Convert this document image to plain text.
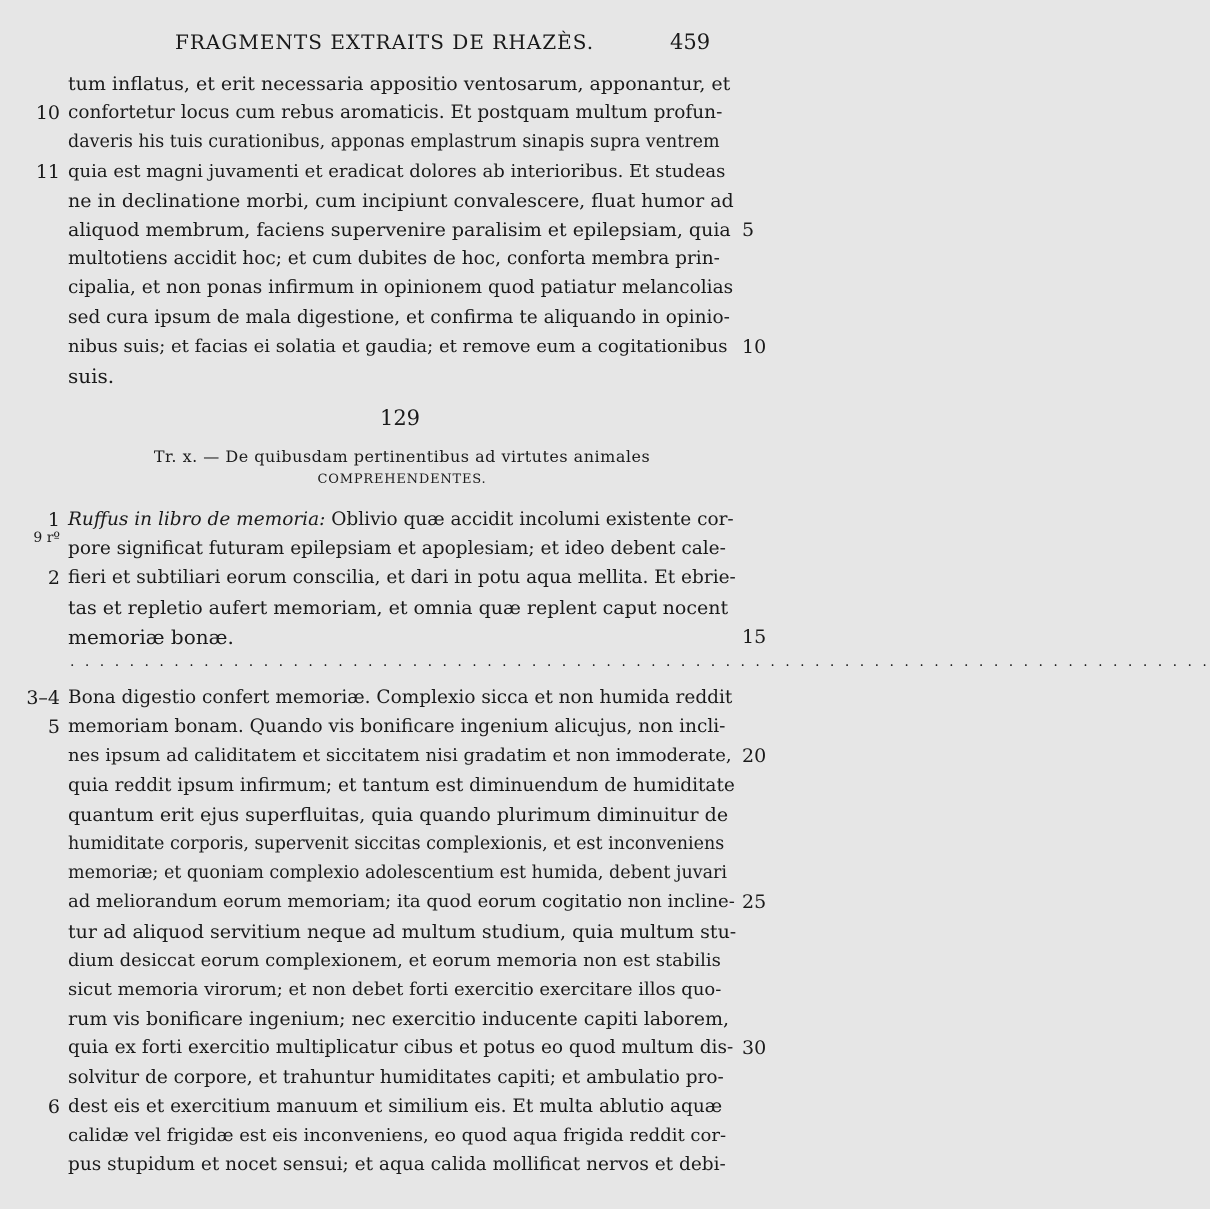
FRAGMENTS EXTRAITS DE RHAZÈS.	459
tum inflatus, et erit necessaria appositio ventosarum, apponantur, et
confortetur locus cum rebus aromaticis. Et postquam multum profun-
10
daveris his tuis curationibus, apponas emplastrum sinapis supra ventrem
quia est magni juvamenti et eradicat dolores ab interioribus. Et studeas
11
ne in declinatione morbi, cum incipiunt convalescere, fluat humor ad
aliquod membrum, faciens supervenire paralisim et epilepsiam, quia 5
multotiens accidit hoc; et cum dubites de hoc, conforta membra prin-
cipalia, et non ponas infirmum in opinionem quod patiatur melancolias
sed cura ipsum de mala digestione, et confirma te aliquando in opinio-
nibus suis; et facias ei solatia et gaudia; et remove eum a cogitationibus 10
suis.
129
Tr. x. — De quibusdam pertinentibus ad virtutes animales
COMPREHENDENTES.
9 rº
Ruffus in libro de memoria: Oblivio quæ accidit incolumi existente cor-
1
pore significat futuram epilepsiam et apoplesiam; et ideo debent cale-
fieri et subtiliari eorum conscilia, et dari in potu aqua mellita. Et ebrie-
2
tas et repletio aufert memoriam, et omnia quæ replent caput nocent
memoriæ bonæ.	15
. . . . . . . . . . . . . . . . . . . . . . . . . . . . . . . . . . . . . . . . . . . . . . . . . . . . . . . . . . . . . . . . . . . . . . . . . . . . .
Bona digestio confert memoriæ. Complexio sicca et non humida reddit
3–4
memoriam bonam. Quando vis bonificare ingenium alicujus, non incli-
5
nes ipsum ad caliditatem et siccitatem nisi gradatim et non immoderate, 20
quia reddit ipsum infirmum; et tantum est diminuendum de humiditate
quantum erit ejus superfluitas, quia quando plurimum diminuitur de
humiditate corporis, supervenit siccitas complexionis, et est inconveniens
memoriæ; et quoniam complexio adolescentium est humida, debent juvari
ad meliorandum eorum memoriam; ita quod eorum cogitatio non incline- 25
tur ad aliquod servitium neque ad multum studium, quia multum stu-
dium desiccat eorum complexionem, et eorum memoria non est stabilis
sicut memoria virorum; et non debet forti exercitio exercitare illos quo-
rum vis bonificare ingenium; nec exercitio inducente capiti laborem,
quia ex forti exercitio multiplicatur cibus et potus eo quod multum dis- 30
solvitur de corpore, et trahuntur humiditates capiti; et ambulatio pro-
dest eis et exercitium manuum et similium eis. Et multa ablutio aquæ
6
calidæ vel frigidæ est eis inconveniens, eo quod aqua frigida reddit cor-
pus stupidum et nocet sensui; et aqua calida mollificat nervos et debi-
